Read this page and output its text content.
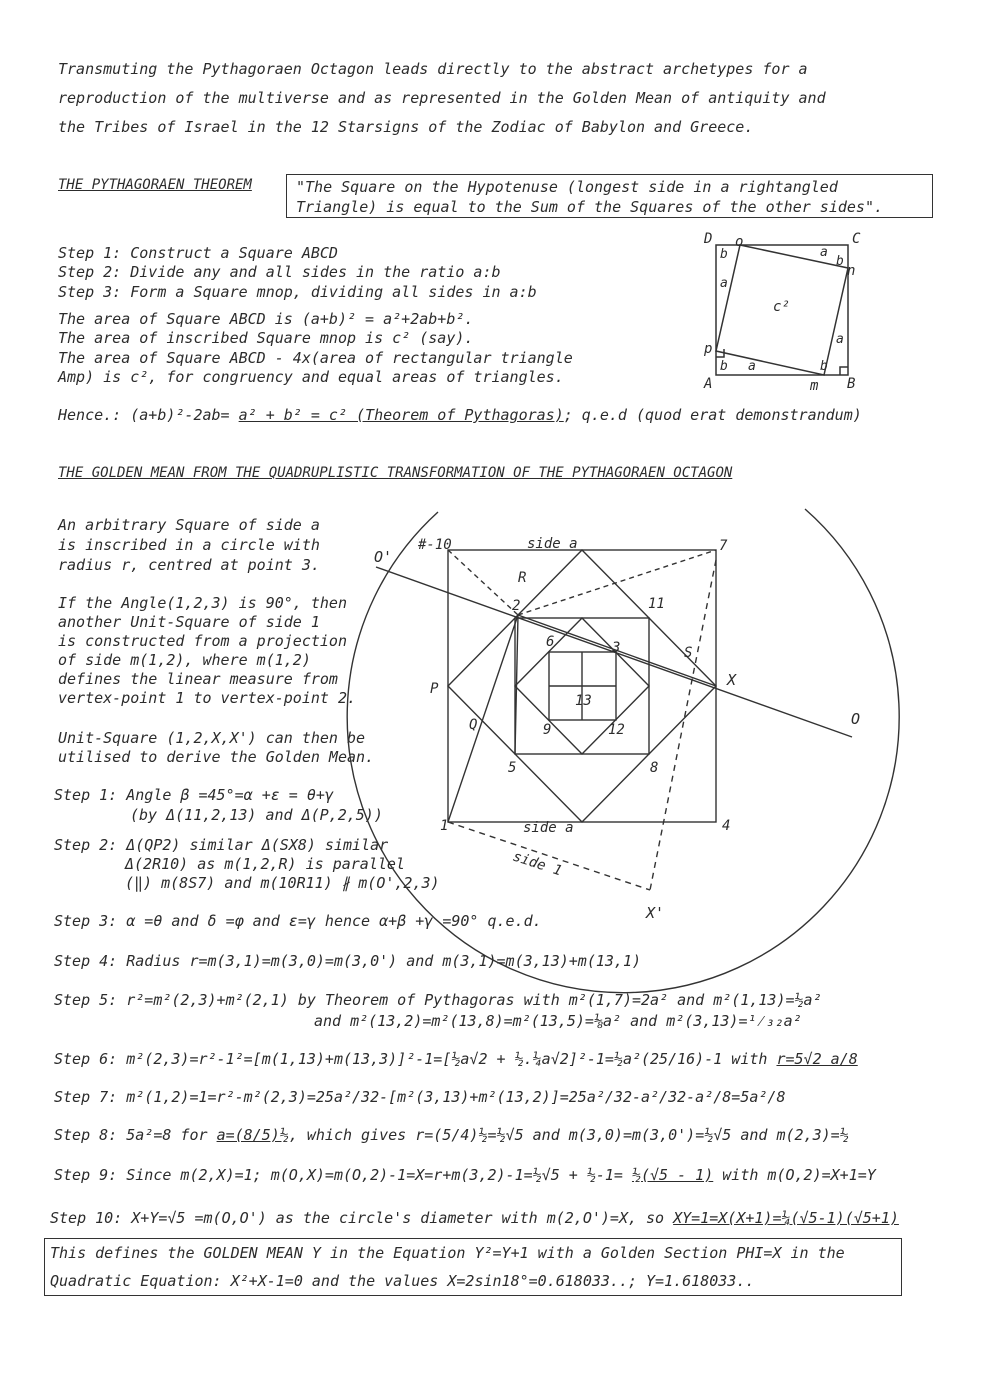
Transmuting the Pythagoraen Octagon leads directly to the abstract archetypes for a
reproduction of the multiverse and as represented in the Golden Mean of antiquity and
the Tribes of Israel in the 12 Starsigns of the Zodiac of Babylon and Greece.
THE PYTHAGORAEN THEOREM	"The Square on the Hypotenuse (longest side in a rightangled
Triangle) is equal to the Sum of the Squares of the other sides".
Step 1: Construct a Square ABCD
Step 2: Divide any and all sides in the ratio a:b
Step 3: Form a Square mnop, dividing all sides in a:b
The area of Square ABCD is (a+b)² = a²+2ab+b².
The area of inscribed Square mnop is c² (say).
The area of Square ABCD - 4x(area of rectangular triangle
Amp) is c², for congruency and equal areas of triangles.
Hence.: (a+b)²-2ab= a² + b² = c² (Theorem of Pythagoras); q.e.d (quod erat demonstrandum)
D	C
A	B
m
n
o
p
b	a
a
b
a
b a	b
c²
THE GOLDEN MEAN FROM THE QUADRUPLISTIC TRANSFORMATION OF THE PYTHAGORAEN OCTAGON
An arbitrary Square of side a
is inscribed in a circle with
radius r, centred at point 3.
If the Angle(1,2,3) is 90°, then
another Unit-Square of side 1
is constructed from a projection
of side m(1,2), where m(1,2)
defines the linear measure from
vertex-point 1 to vertex-point 2.
Unit-Square (1,2,X,X') can then be
utilised to derive the Golden Mean.
Step 1: Angle β =45°=α +ε = θ+γ
(by Δ(11,2,13) and Δ(P,2,5))
Step 2: Δ(QP2) similar Δ(SX8) similar
Δ(2R10) as m(1,2,R) is parallel
(‖) m(8S7) and m(10R11) ∦ m(O',2,3)
1
2
3
4
5
6
7
8
9
#-10
11
12
13
O
O'
X
X'
P
Q
R
S
side a
side a
side 1
Step 3: α =θ and δ =φ and ε=γ hence α+β +γ =90° q.e.d.
Step 4: Radius r=m(3,1)=m(3,0)=m(3,0') and m(3,1)=m(3,13)+m(13,1)
Step 5: r²=m²(2,3)+m²(2,1) by Theorem of Pythagoras with m²(1,7)=2a² and m²(1,13)=½a²
and m²(13,2)=m²(13,8)=m²(13,5)=⅛a² and m²(3,13)=¹⁄₃₂a²
Step 6: m²(2,3)=r²-1²=[m(1,13)+m(13,3)]²-1=[½a√2 + ½.¼a√2]²-1=½a²(25/16)-1 with r=5√2 a/8
Step 7: m²(1,2)=1=r²-m²(2,3)=25a²/32-[m²(3,13)+m²(13,2)]=25a²/32-a²/32-a²/8=5a²/8
Step 8: 5a²=8 for a=(8/5)½, which gives r=(5/4)½=½√5 and m(3,0)=m(3,0')=½√5 and m(2,3)=½
Step 9: Since m(2,X)=1; m(O,X)=m(O,2)-1=X=r+m(3,2)-1=½√5 + ½-1= ½(√5 - 1) with m(O,2)=X+1=Y
Step 10: X+Y=√5 =m(O,O') as the circle's diameter with m(2,O')=X, so XY=1=X(X+1)=¼(√5-1)(√5+1)
This defines the GOLDEN MEAN Y in the Equation Y²=Y+1 with a Golden Section PHI=X in the
Quadratic Equation: X²+X-1=0 and the values X=2sin18°=0.618033..; Y=1.618033..
